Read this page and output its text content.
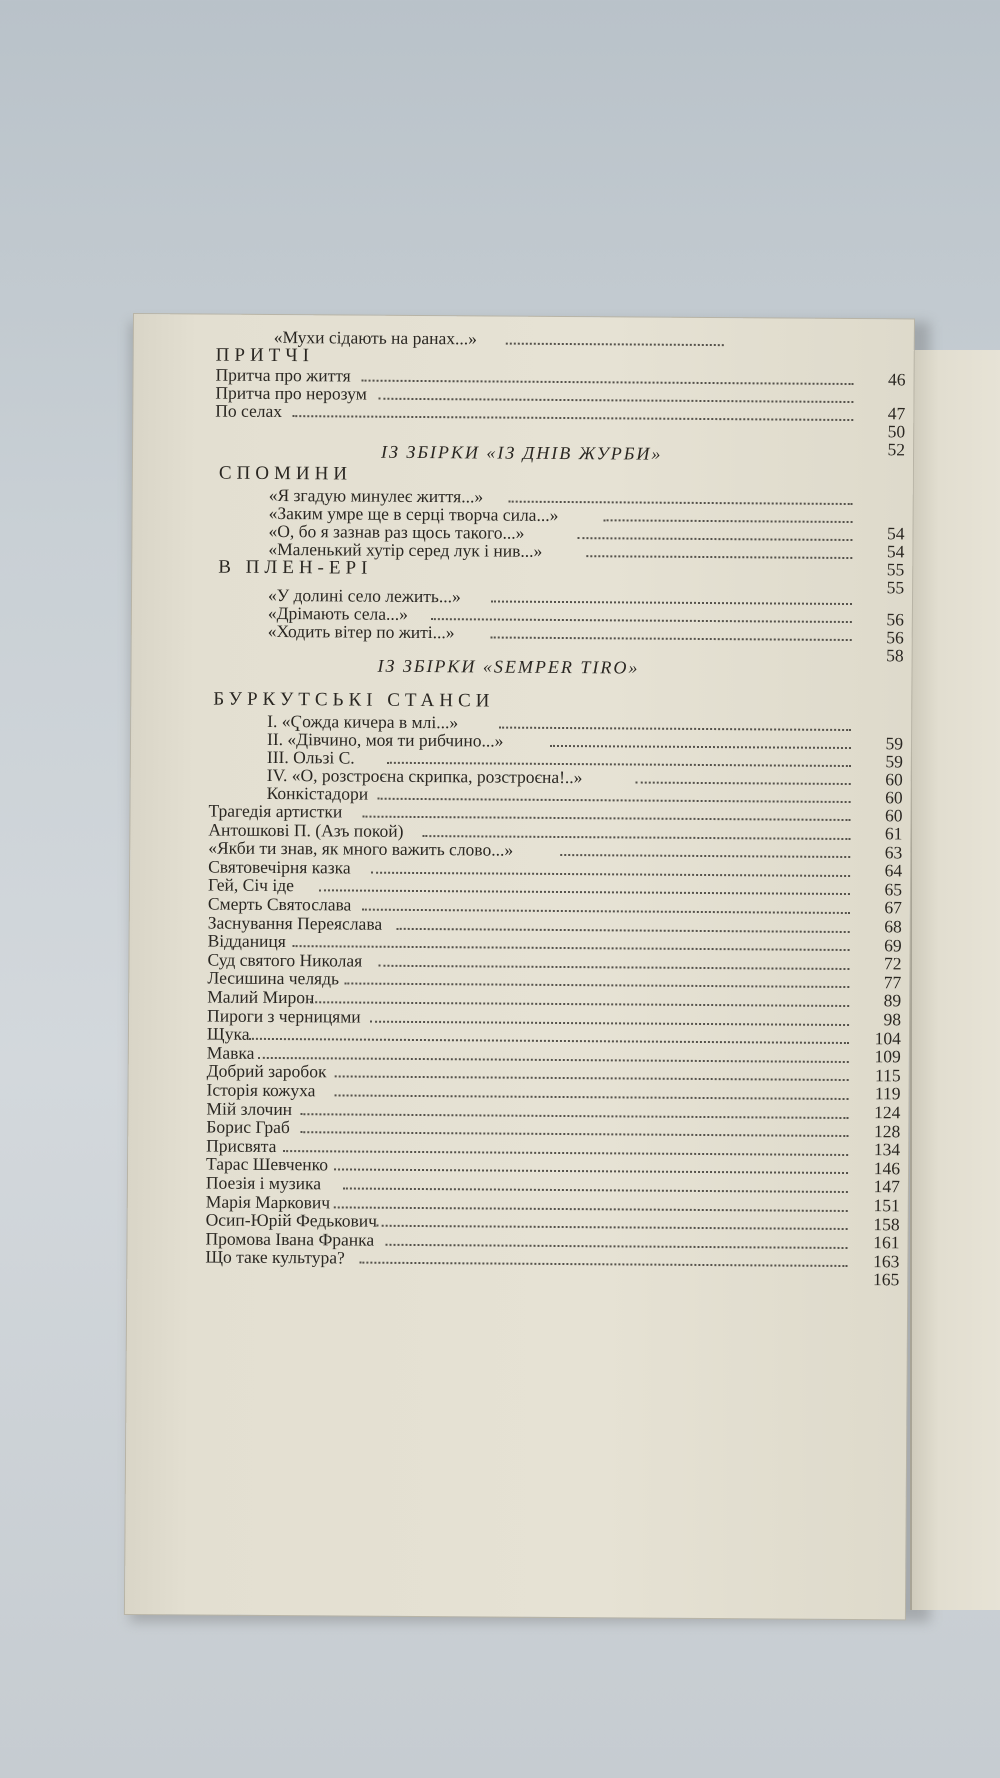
«Мухи сідають на ранах...»
ПРИТЧІ
Притча про життя
Притча про нерозум
По селах
46
47
50
52
ІЗ ЗБІРКИ «ІЗ ДНІВ ЖУРБИ»
СПОМИНИ
«Я згадую минулеє життя...»
«Заким умре ще в серці творча сила...»
«О, бо я зазнав раз щось такого...»
«Маленький хутір серед лук і нив...»
54
54
55
55
В ПЛЕН-ЕРІ
«У долині село лежить...»
«Дрімають села...»
«Ходить вітер по житі...»
56
56
58
ІЗ ЗБІРКИ «SEMPER TIRO»
БУРКУТСЬКІ СТАНСИ
І. «Ҁожда кичера в млі...»
ІІ. «Дівчино, моя ти рибчино...»
ІІІ. Ользі С.
IV. «О, розстроєна скрипка, розстроєна!..»
Конкістадори
59
59
60
60
60
Трагедія артистки
61
Антошкові П. (Азъ покой)
63
«Якби ти знав, як много важить слово...»
64
Святовечірня казка
65
Гей, Січ іде
67
Смерть Святослава
68
Заснування Переяслава
69
Відданиця
72
Суд святого Николая
77
Лесишина челядь
89
Малий Мирон
98
Пироги з черницями
104
Щука
109
Мавка
115
Добрий заробок
119
Історія кожуха
124
Мій злочин
128
Борис Граб
134
Присвята
146
Тарас Шевченко
147
Поезія і музика
151
Марія Маркович
158
Осип-Юрій Федькович
161
Промова Івана Франка
163
Що таке культура?
165
